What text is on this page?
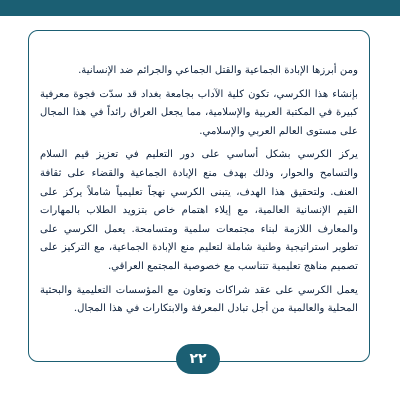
ومن أبرزها الإبادة الجماعية والقتل الجماعي والجرائم ضد الإنسانية.

بإنشاء هذا الكرسي، تكون كلية الآداب بجامعة بغداد قد سدّت فجوة معرفية كبيرة في المكتبة العربية والإسلامية، مما يجعل العراق رائداً في هذا المجال على مستوى العالم العربي والإسلامي.

يركز الكرسي بشكل أساسي على دور التعليم في تعزيز قيم السلام والتسامح والحوار، وذلك بهدف منع الإبادة الجماعية والقضاء على ثقافة العنف. ولتحقيق هذا الهدف، يتبنى الكرسي نهجاً تعليمياً شاملاً يركز على القيم الإنسانية العالمية، مع إيلاء اهتمام خاص بتزويد الطلاب بالمهارات والمعارف اللازمة لبناء مجتمعات سلمية ومتسامحة. يعمل الكرسي على تطوير استراتيجية وطنية شاملة لتعليم منع الإبادة الجماعية، مع التركيز على تصميم مناهج تعليمية تتناسب مع خصوصية المجتمع العراقي.

يعمل الكرسي على عقد شراكات وتعاون مع المؤسسات التعليمية والبحثية المحلية والعالمية من أجل تبادل المعرفة والابتكارات في هذا المجال.

٢٢
